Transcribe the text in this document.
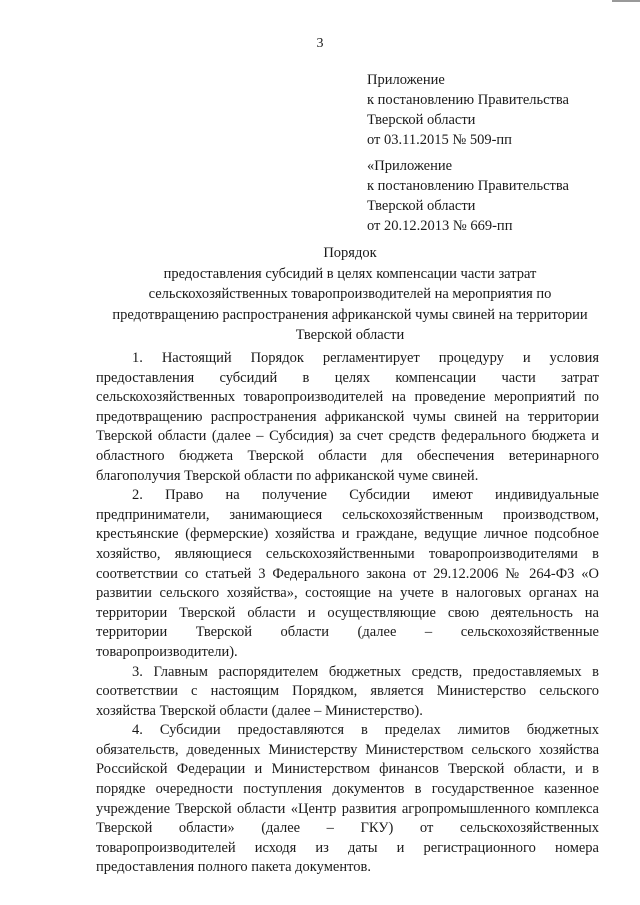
3
Приложение
к постановлению Правительства
Тверской области
от 03.11.2015 № 509-пп
«Приложение
к постановлению Правительства
Тверской области
от 20.12.2013 № 669-пп
Порядок
предоставления субсидий в целях компенсации части затрат
сельскохозяйственных товаропроизводителей на мероприятия по
предотвращению распространения африканской чумы свиней на территории
Тверской области

1. Настоящий Порядок регламентирует процедуру и условия предоставления субсидий в целях компенсации части затрат сельскохозяйственных товаропроизводителей на проведение мероприятий по предотвращению распространения африканской чумы свиней на территории Тверской области (далее – Субсидия) за счет средств федерального бюджета и областного бюджета Тверской области для обеспечения ветеринарного благополучия Тверской области по африканской чуме свиней.

2. Право на получение Субсидии имеют индивидуальные предприниматели, занимающиеся сельскохозяйственным производством, крестьянские (фермерские) хозяйства и граждане, ведущие личное подсобное хозяйство, являющиеся сельскохозяйственными товаропроизводителями в соответствии со статьей 3 Федерального закона от 29.12.2006 № 264-ФЗ «О развитии сельского хозяйства», состоящие на учете в налоговых органах на территории Тверской области и осуществляющие свою деятельность на территории Тверской области (далее – сельскохозяйственные товаропроизводители).

3. Главным распорядителем бюджетных средств, предоставляемых в соответствии с настоящим Порядком, является Министерство сельского хозяйства Тверской области (далее – Министерство).

4. Субсидии предоставляются в пределах лимитов бюджетных обязательств, доведенных Министерству Министерством сельского хозяйства Российской Федерации и Министерством финансов Тверской области, и в порядке очередности поступления документов в государственное казенное учреждение Тверской области «Центр развития агропромышленного комплекса Тверской области» (далее – ГКУ) от сельскохозяйственных товаропроизводителей исходя из даты и регистрационного номера предоставления полного пакета документов.
